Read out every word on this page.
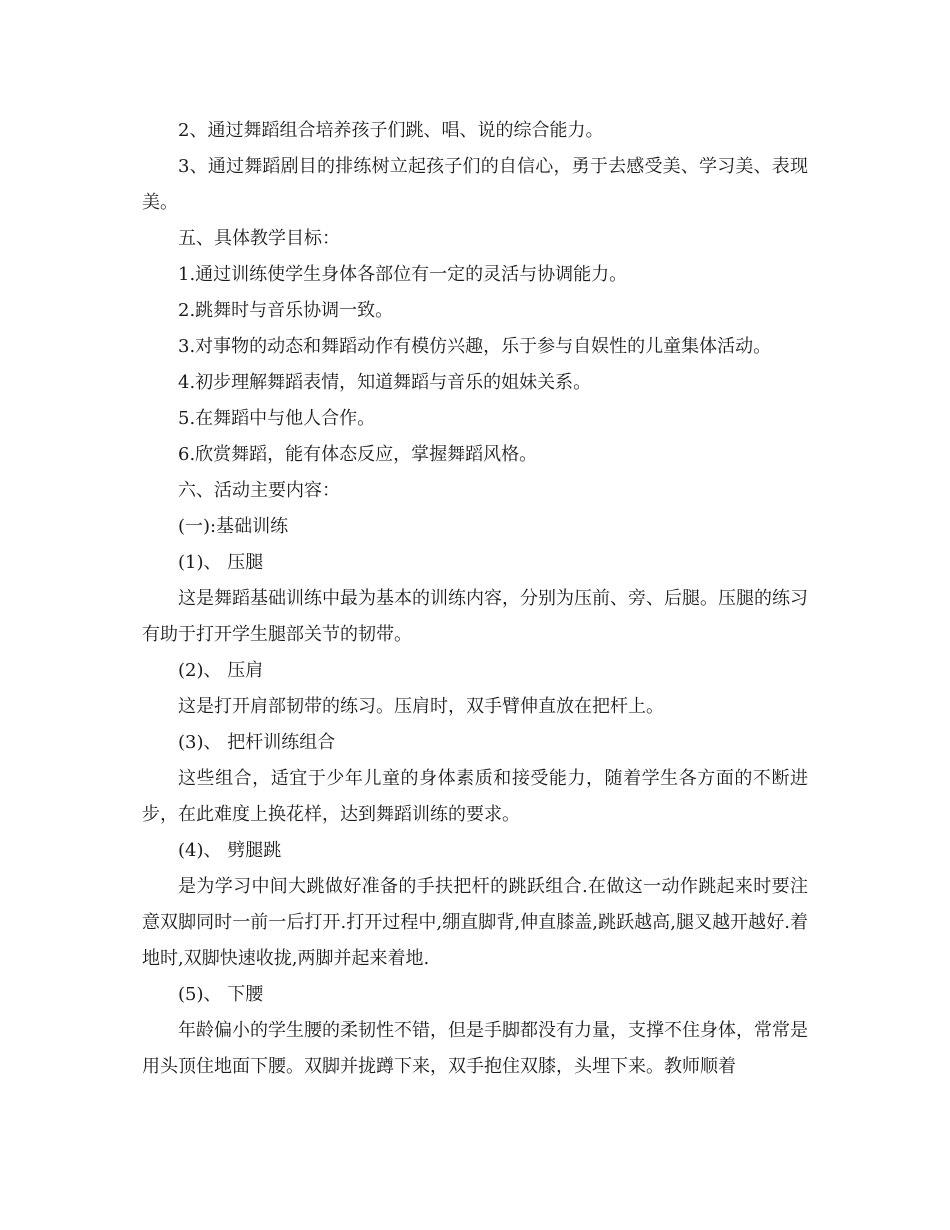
2、通过舞蹈组合培养孩子们跳、唱、说的综合能力。

3、通过舞蹈剧目的排练树立起孩子们的自信心，勇于去感受美、学习美、表现美。

五、具体教学目标：

1.通过训练使学生身体各部位有一定的灵活与协调能力。

2.跳舞时与音乐协调一致。

3.对事物的动态和舞蹈动作有模仿兴趣，乐于参与自娱性的儿童集体活动。

4.初步理解舞蹈表情，知道舞蹈与音乐的姐妹关系。

5.在舞蹈中与他人合作。

6.欣赏舞蹈，能有体态反应，掌握舞蹈风格。

六、活动主要内容：

(一):基础训练

(1)、 压腿

这是舞蹈基础训练中最为基本的训练内容，分别为压前、旁、后腿。压腿的练习有助于打开学生腿部关节的韧带。

(2)、 压肩

这是打开肩部韧带的练习。压肩时，双手臂伸直放在把杆上。

(3)、 把杆训练组合

这些组合，适宜于少年儿童的身体素质和接受能力，随着学生各方面的不断进步，在此难度上换花样，达到舞蹈训练的要求。

(4)、 劈腿跳

是为学习中间大跳做好准备的手扶把杆的跳跃组合.在做这一动作跳起来时要注意双脚同时一前一后打开.打开过程中,绷直脚背,伸直膝盖,跳跃越高,腿叉越开越好.着地时,双脚快速收拢,两脚并起来着地.

(5)、 下腰

年龄偏小的学生腰的柔韧性不错，但是手脚都没有力量，支撑不住身体，常常是用头顶住地面下腰。双脚并拢蹲下来，双手抱住双膝，头埋下来。教师顺着
